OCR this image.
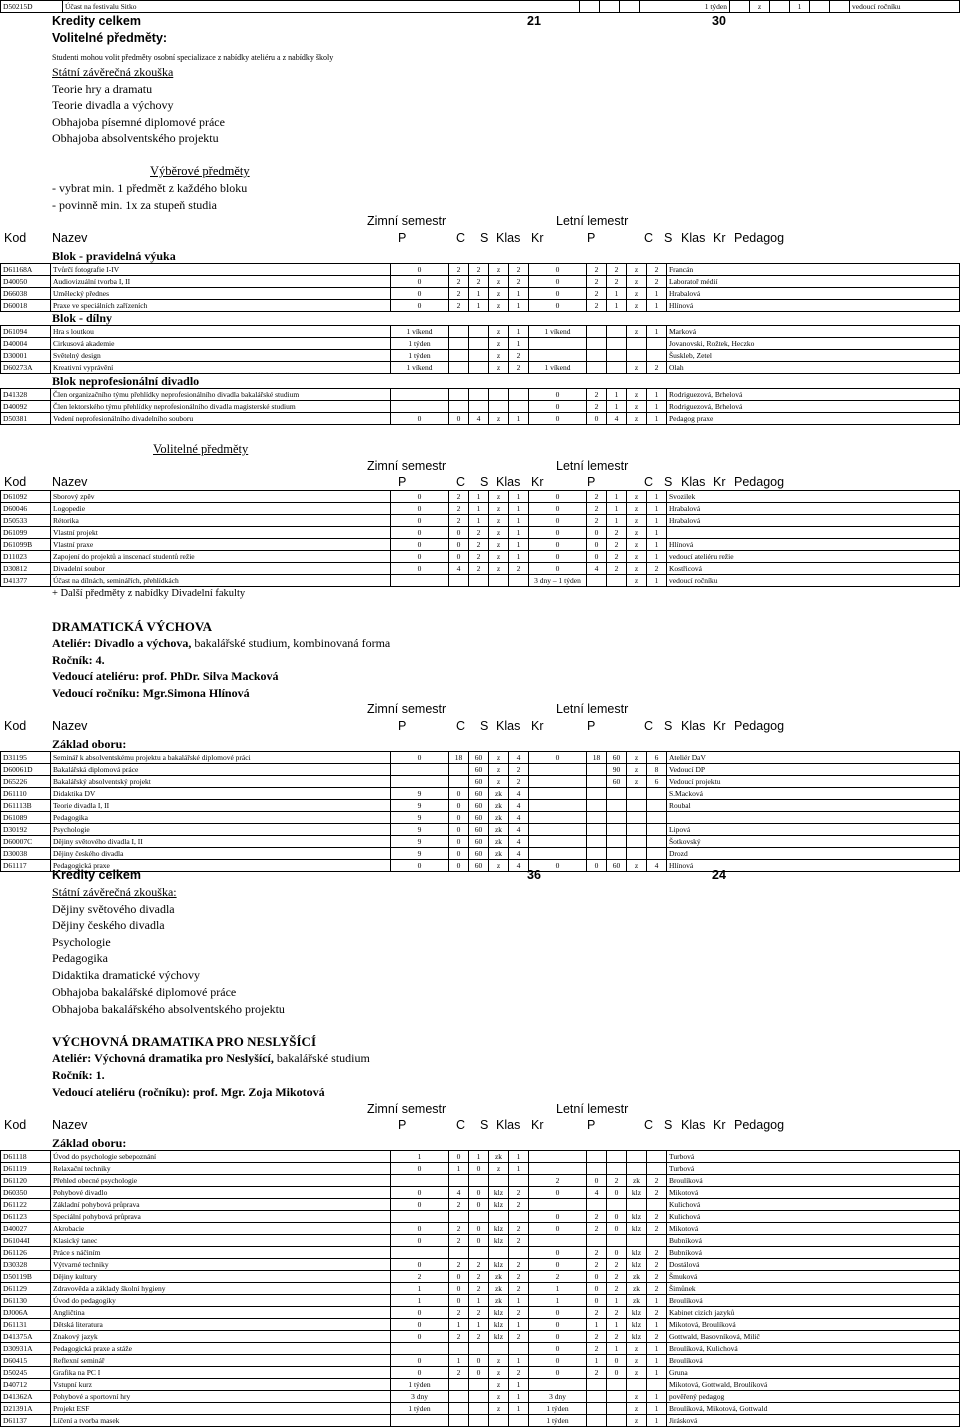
D50215D	Účast na festivalu Sitko				1 týden		z		1			vedoucí ročníku
Kredity celkem	21	30
Volitelné předměty:
Studenti mohou volit předměty osobní specializace z nabídky ateliéru a z nabídky školy
Státní závěrečná zkouška
Teorie hry a dramatu
Teorie divadla a výchovy
Obhajoba písemné diplomové práce
Obhajoba absolventského projektu
Výběrové předměty
- vybrat min. 1 předmět z každého bloku
- povinně min. 1x za stupeň studia
Zimní semestr	Letní lemestr
Kod Nazev	P	C S Klas Kr	P	C S Klas Kr Pedagog
Blok - pravidelná výuka
D61168A	Tvůrčí fotografie I-IV	0	2	2	z	2	0	2	2	z	2	Francán
D40050	Audiovizuální tvorba I, II	0	2	2	z	2	0	2	2	z	2	Laboratoř médií
D66038	Umělecký přednes	0	2	1	z	1	0	2	1	z	1	Hrabalová
D60018	Praxe ve speciálních zařízeních	0	2	1	z	1	0	2	1	z	1	Hlínová
Blok - dílny
D61094	Hra s loutkou	1 víkend			z	1	1 víkend			z	1	Marková
D40004	Cirkusová akademie	1 týden			z	1						Jovanovski, Rožtek, Heczko
D30001	Světelný design	1 týden			z	2						Šusklеb, Zetel
D60273A	Kreativní vyprávění	1 víkend			z	2	1 víkend			z	2	Olah
Blok neprofesionální divadlo
D41328	Člen organizačního týmu přehlídky neprofesionálního divadla bakalářské studium						0	2	1	z	1	Rodriguezová, Brhelová
D40092	Člen lektorského týmu přehlídky neprofesionálního divadla magisterské studium						0	2	1	z	1	Rodriguezová, Brhelová
D50381	Vedení neprofesionálního divadelního souboru	0	0	4	z	1	0	0	4	z	1	Pedagog praxe
Volitelné předměty
Zimní semestr	Letní lemestr
Kod Nazev	P	C S Klas Kr	P	C S Klas Kr Pedagog
D61092	Sborový zpěv	0	2	1	z	1	0	2	1	z	1	Svozilek
D60046	Logopedie	0	2	1	z	1	0	2	1	z	1	Hrabalová
D50533	Rétorika	0	2	1	z	1	0	2	1	z	1	Hrabalová
D61099	Vlastní projekt	0	0	2	z	1	0	0	2	z	1	
D61099B	Vlastní praxe	0	0	2	z	1	0	0	2	z	1	Hlínová
D11023	Zapojení do projektů a inscenací studentů režie	0	0	2	z	1	0	0	2	z	1	vedoucí ateliéru režie
D30812	Divadelní soubor	0	4	2	z	2	0	4	2	z	2	Kostřicová
D41377	Účast na dílnách, seminářích, přehlídkách						3 dny – 1 týden			z	1	vedoucí ročníku
+ Další předměty z nabídky Divadelní fakulty
DRAMATICKÁ VÝCHOVA
Ateliér: Divadlo a výchova, bakalářské studium, kombinovaná forma
Ročník: 4.
Vedoucí ateliéru: prof. PhDr. Silva Macková
Vedoucí ročníku: Mgr.Simona Hlínová
Zimní semestr	Letní lemestr
Kod Nazev	P	C S Klas Kr	P	C S Klas Kr Pedagog
Základ oboru:
D31195	Seminář k absolventskému projektu a bakalářské diplomové práci	0	18	60	z	4	0	18	60	z	6	Ateliér DaV
D60061D	Bakalářská diplomová práce			60	z	2			90	z	8	Vedoucí DP
D65226	Bakalářský absolventský projekt			60	z	2			60	z	6	Vedoucí projektu
D61110	Didaktika DV	9	0	60	zk	4						S.Macková
D61113B	Teorie divadla I, II	9	0	60	zk	4						Roubal
D61089	Pedagogika	9	0	60	zk	4						
D30192	Psychologie	9	0	60	zk	4						Lipová
D60007C	Dějiny světového divadla I, II	9	0	60	zk	4						Šotkovský
D30038	Dějiny českého divadla	9	0	60	zk	4						Drozd
D61117	Pedagogická praxe	0	0	60	z	4	0	0	60	z	4	Hlínová
Kredity celkem	36	24
Státní závěrečná zkouška:
Dějiny světového divadla
Dějiny českého divadla
Psychologie
Pedagogika
Didaktika dramatické výchovy
Obhajoba bakalářské diplomové práce
Obhajoba bakalářského absolventského projektu
VÝCHOVNÁ DRAMATIKA PRO NESLYŠÍCÍ
Ateliér: Výchovná dramatika pro Neslyšící, bakalářské studium
Ročník: 1.
Vedoucí ateliéru (ročníku): prof. Mgr. Zoja Mikotová
Zimní semestr	Letní lemestr
Kod Nazev	P	C S Klas Kr	P	C S Klas Kr Pedagog
Základ oboru:
D61118	Úvod do psychologie sebepoznání	1	0	1	zk	1						Turbová
D61119	Relaxační techniky	0	1	0	z	1						Turbová
D61120	Přehled obecné psychologie						2	0	2	zk	2	Broulíková
D60350	Pohybové divadlo	0	4	0	klz	2	0	4	0	klz	2	Mikotová
D61122	Základní pohybová průprava	0	2	0	klz	2						Kulichová
D61123	Speciální pohybová průprava						0	2	0	klz	2	Kulichová
D40027	Akrobacie	0	2	0	klz	2	0	2	0	klz	2	Mikotová
D61044I	Klasický tanec	0	2	0	klz	2						Bubníková
D61126	Práce s náčiním						0	2	0	klz	2	Bubníková
D30328	Výtvarné techniky	0	2	2	klz	2	0	2	2	klz	2	Dostálová
D50119B	Dějiny kultury	2	0	2	zk	2	2	0	2	zk	2	Šmuková
D61129	Zdravověda a základy školní hygieny	1	0	2	zk	2	1	0	2	zk	2	Šimůnek
D61130	Úvod do pedagogiky	1	0	1	zk	1	1	0	1	zk	1	Broulíková
DJ006A	Angličtina	0	2	2	klz	2	0	2	2	klz	2	Kabinet cizích jazyků
D61131	Dětská literatura	0	1	1	klz	1	0	1	1	klz	1	Mikotová, Broulíková
D41375A	Znakový jazyk	0	2	2	klz	2	0	2	2	klz	2	Gottwald, Basovníková, Milič
D30931A	Pedagogická praxe a stáže						0	2	1	z	1	Broulíková, Kulichová
D60415	Reflexní seminář	0	1	0	z	1	0	1	0	z	1	Broulíková
D50245	Grafika na PC I	0	2	0	z	2	0	2	0	z	1	Gruna
D40712	Vstupní kurz	1 týden			z	1						Mikotová, Gottwald, Broulíková
D41362A	Pohybové a sportovní hry	3 dny			z	1	3 dny			z	1	pověřený pedagog
D21391A	Projekt ESF	1 týden			z	1	1 týden			z	1	Broulíková, Mikotová, Gottwald
D61137	Líčení a tvorba masek						1 týden			z	1	Jirásková
